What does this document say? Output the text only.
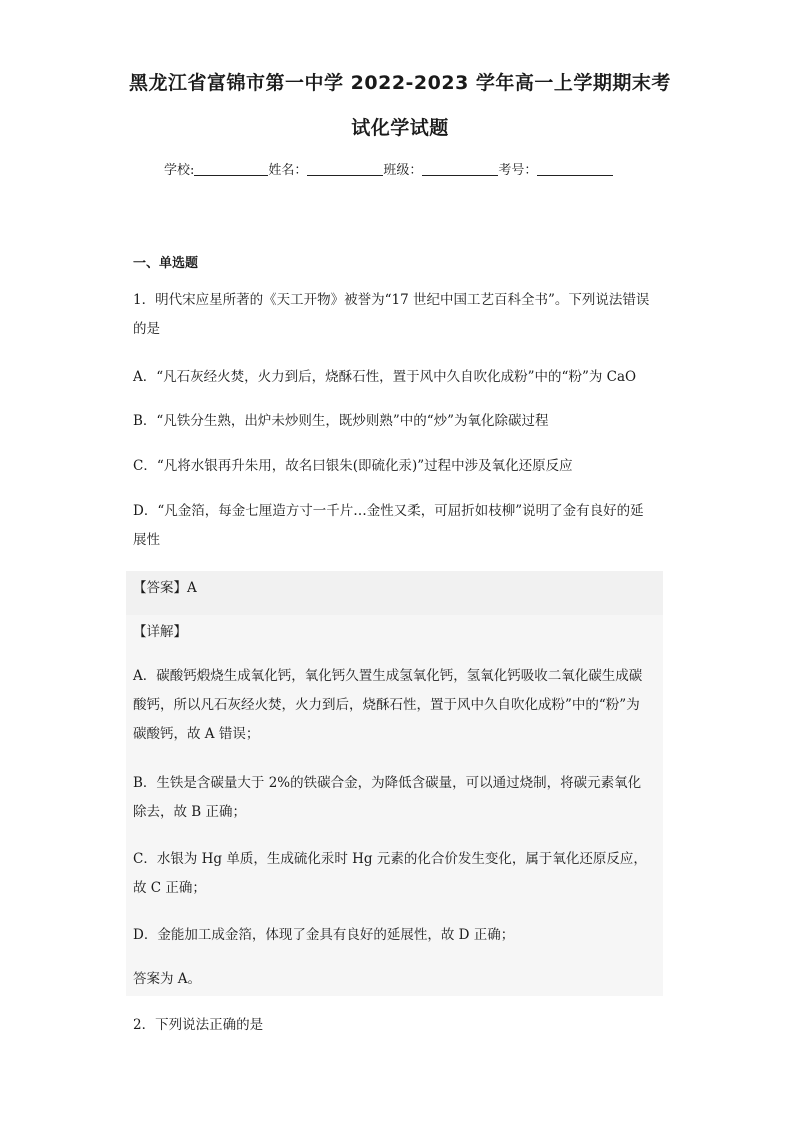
黑龙江省富锦市第一中学 2022-2023 学年高一上学期期末考
试化学试题
学校:	姓名：	班级：	考号：
一、单选题
1．明代宋应星所著的《天工开物》被誉为“17 世纪中国工艺百科全书”。下列说法错误
的是
A．“凡石灰经火焚，火力到后，烧酥石性，置于风中久自吹化成粉”中的“粉”为 CaO
B．“凡铁分生熟，出炉未炒则生，既炒则熟”中的“炒”为氧化除碳过程
C．“凡将水银再升朱用，故名曰银朱(即硫化汞)”过程中涉及氧化还原反应
D．“凡金箔，每金七厘造方寸一千片…金性又柔，可屈折如枝柳”说明了金有良好的延
展性
【答案】A
【详解】
A．碳酸钙煅烧生成氧化钙，氧化钙久置生成氢氧化钙，氢氧化钙吸收二氧化碳生成碳
酸钙，所以凡石灰经火焚，火力到后，烧酥石性，置于风中久自吹化成粉”中的“粉”为
碳酸钙，故 A 错误；
B．生铁是含碳量大于 2%的铁碳合金，为降低含碳量，可以通过烧制，将碳元素氧化
除去，故 B 正确；
C．水银为 Hg 单质，生成硫化汞时 Hg 元素的化合价发生变化，属于氧化还原反应，
故 C 正确；
D．金能加工成金箔，体现了金具有良好的延展性，故 D 正确；
答案为 A。
2．下列说法正确的是
